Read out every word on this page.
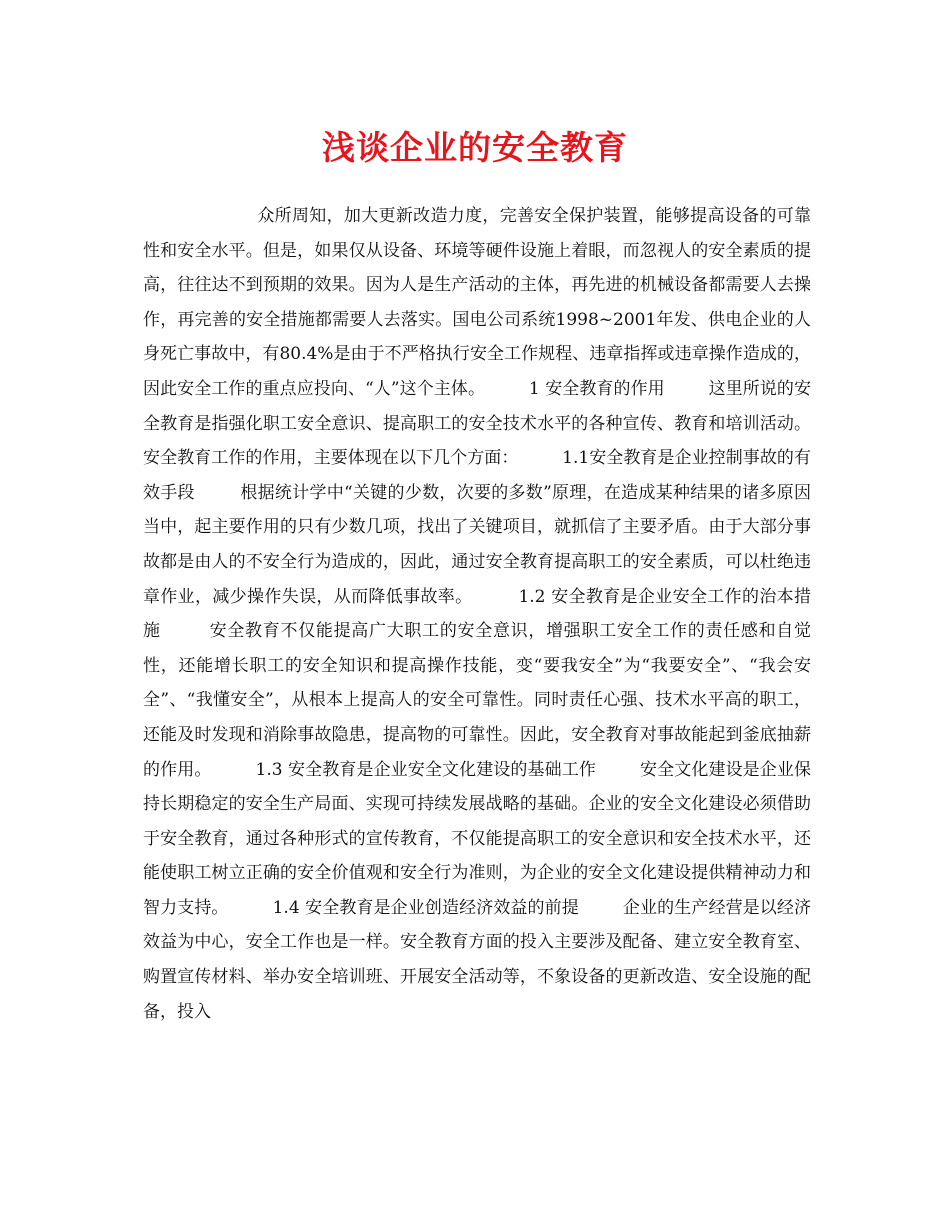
浅谈企业的安全教育

众所周知，加大更新改造力度，完善安全保护装置，能够提高设备的可靠性和安全水平。但是，如果仅从设备、环境等硬件设施上着眼，而忽视人的安全素质的提高，往往达不到预期的效果。因为人是生产活动的主体，再先进的机械设备都需要人去操作，再完善的安全措施都需要人去落实。国电公司系统1998~2001年发、供电企业的人身死亡事故中，有80.4%是由于不严格执行安全工作规程、违章指挥或违章操作造成的，因此安全工作的重点应投向、“人”这个主体。        1 安全教育的作用        这里所说的安全教育是指强化职工安全意识、提高职工的安全技术水平的各种宣传、教育和培训活动。安全教育工作的作用，主要体现在以下几个方面：        1.1安全教育是企业控制事故的有效手段        根据统计学中“关键的少数，次要的多数”原理，在造成某种结果的诸多原因当中，起主要作用的只有少数几项，找出了关键项目，就抓信了主要矛盾。由于大部分事故都是由人的不安全行为造成的，因此，通过安全教育提高职工的安全素质，可以杜绝违章作业，减少操作失误，从而降低事故率。        1.2 安全教育是企业安全工作的治本措施        安全教育不仅能提高广大职工的安全意识，增强职工安全工作的责任感和自觉性，还能增长职工的安全知识和提高操作技能，变“要我安全”为“我要安全”、“我会安全”、“我懂安全”，从根本上提高人的安全可靠性。同时责任心强、技术水平高的职工，还能及时发现和消除事故隐患，提高物的可靠性。因此，安全教育对事故能起到釜底抽薪的作用。        1.3 安全教育是企业安全文化建设的基础工作        安全文化建设是企业保持长期稳定的安全生产局面、实现可持续发展战略的基础。企业的安全文化建设必须借助于安全教育，通过各种形式的宣传教育，不仅能提高职工的安全意识和安全技术水平，还能使职工树立正确的安全价值观和安全行为准则，为企业的安全文化建设提供精神动力和智力支持。        1.4 安全教育是企业创造经济效益的前提        企业的生产经营是以经济效益为中心，安全工作也是一样。安全教育方面的投入主要涉及配备、建立安全教育室、购置宣传材料、举办安全培训班、开展安全活动等，不象设备的更新改造、安全设施的配备，投入
